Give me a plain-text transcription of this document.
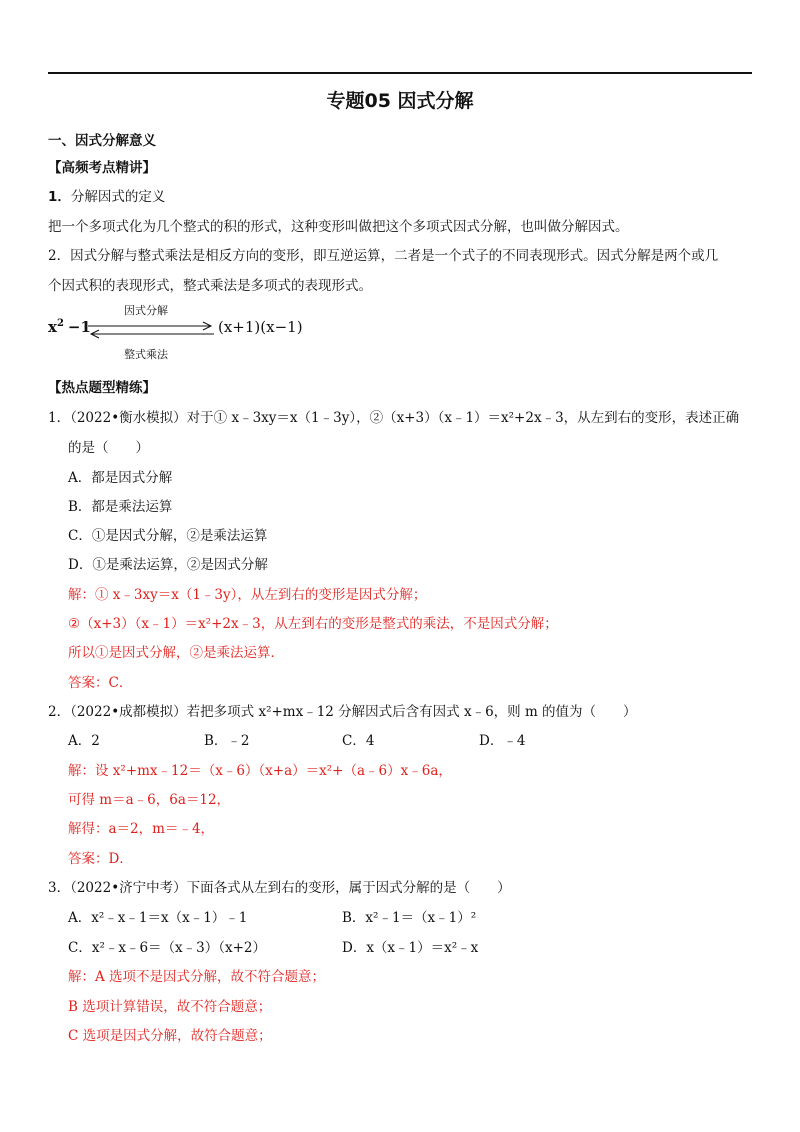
专题05 因式分解
一、因式分解意义
【高频考点精讲】
1．分解因式的定义
把一个多项式化为几个整式的积的形式，这种变形叫做把这个多项式因式分解，也叫做分解因式。
2．因式分解与整式乘法是相反方向的变形，即互逆运算，二者是一个式子的不同表现形式。因式分解是两个或几
个因式积的表现形式，整式乘法是多项式的表现形式。
$x^2 -1$
因式分解
整式乘法
(x+1)(x−1)
【热点题型精练】
1．（2022•衡水模拟）对于① x﹣3xy＝x（1﹣3y），②（x+3）（x﹣1）＝x²+2x﹣3，从左到右的变形，表述正确
的是（　　）
A．都是因式分解
B．都是乘法运算
C．①是因式分解，②是乘法运算
D．①是乘法运算，②是因式分解
解：① x﹣3xy＝x（1﹣3y），从左到右的变形是因式分解；
②（x+3）（x﹣1）＝x²+2x﹣3，从左到右的变形是整式的乘法，不是因式分解；
所以①是因式分解，②是乘法运算．
答案：C．
2．（2022•成都模拟）若把多项式 x²+mx﹣12 分解因式后含有因式 x﹣6，则 m 的值为（　　）
A．2	B．﹣2	C．4	D．﹣4
解：设 x²+mx﹣12＝（x﹣6）（x+a）＝x²+（a﹣6）x﹣6a，
可得 m＝a﹣6，6a＝12，
解得：a＝2，m＝﹣4，
答案：D．
3．（2022•济宁中考）下面各式从左到右的变形，属于因式分解的是（　　）
A．x²﹣x﹣1＝x（x﹣1）﹣1	B．x²﹣1＝（x﹣1）²
C．x²﹣x﹣6＝（x﹣3）（x+2）	D．x（x﹣1）＝x²﹣x
解：A 选项不是因式分解，故不符合题意；
B 选项计算错误，故不符合题意；
C 选项是因式分解，故符合题意；
